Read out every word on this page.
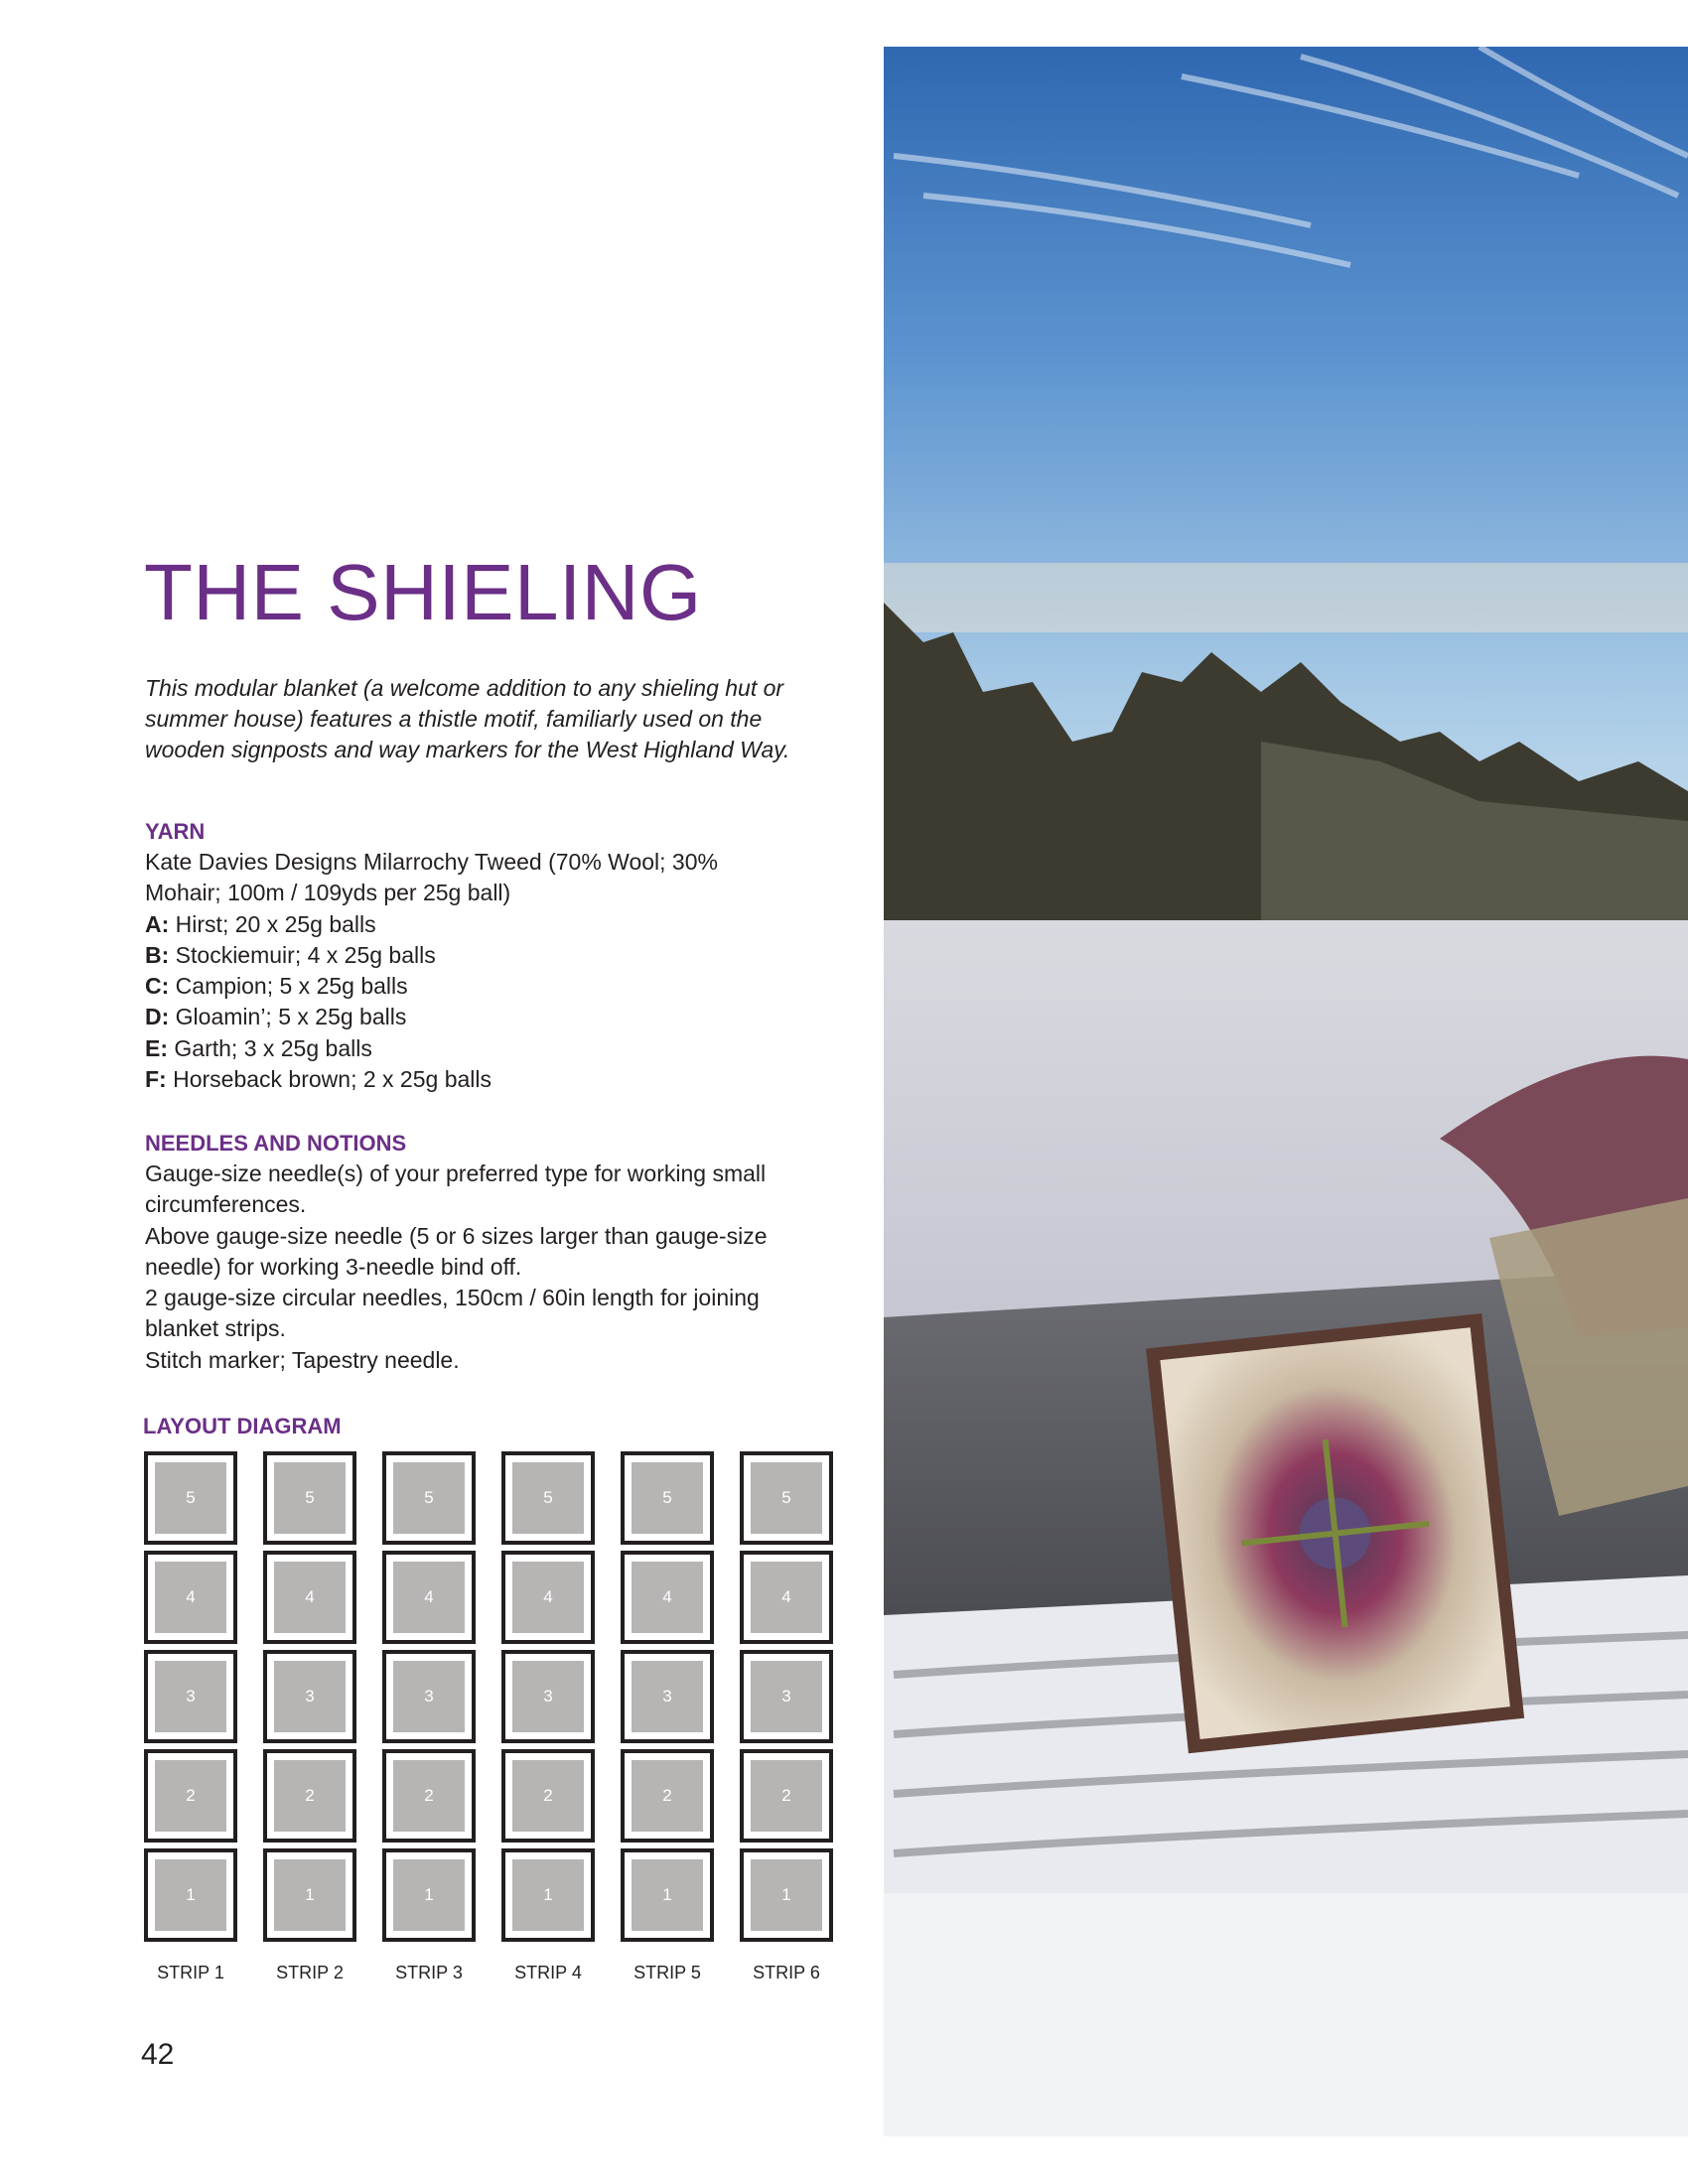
THE SHIELING

This modular blanket (a welcome addition to any shieling hut or summer house) features a thistle motif, familiarly used on the wooden signposts and way markers for the West Highland Way.

YARN
Kate Davies Designs Milarrochy Tweed (70% Wool; 30%
Mohair; 100m / 109yds per 25g ball)
A: Hirst; 20 x 25g balls
B: Stockiemuir; 4 x 25g balls
C: Campion; 5 x 25g balls
D: Gloamin’; 5 x 25g balls
E: Garth; 3 x 25g balls
F: Horseback brown; 2 x 25g balls
NEEDLES AND NOTIONS
Gauge-size needle(s) of your preferred type for working small
circumferences.
Above gauge-size needle (5 or 6 sizes larger than gauge-size
needle) for working 3-needle bind off.
2 gauge-size circular needles, 150cm / 60in length for joining
blanket strips.
Stitch marker; Tapestry needle.
LAYOUT DIAGRAM
5
4
3
2
1
STRIP 1
5
4
3
2
1
STRIP 2
5
4
3
2
1
STRIP 3
5
4
3
2
1
STRIP 4
5
4
3
2
1
STRIP 5
5
4
3
2
1
STRIP 6
42
